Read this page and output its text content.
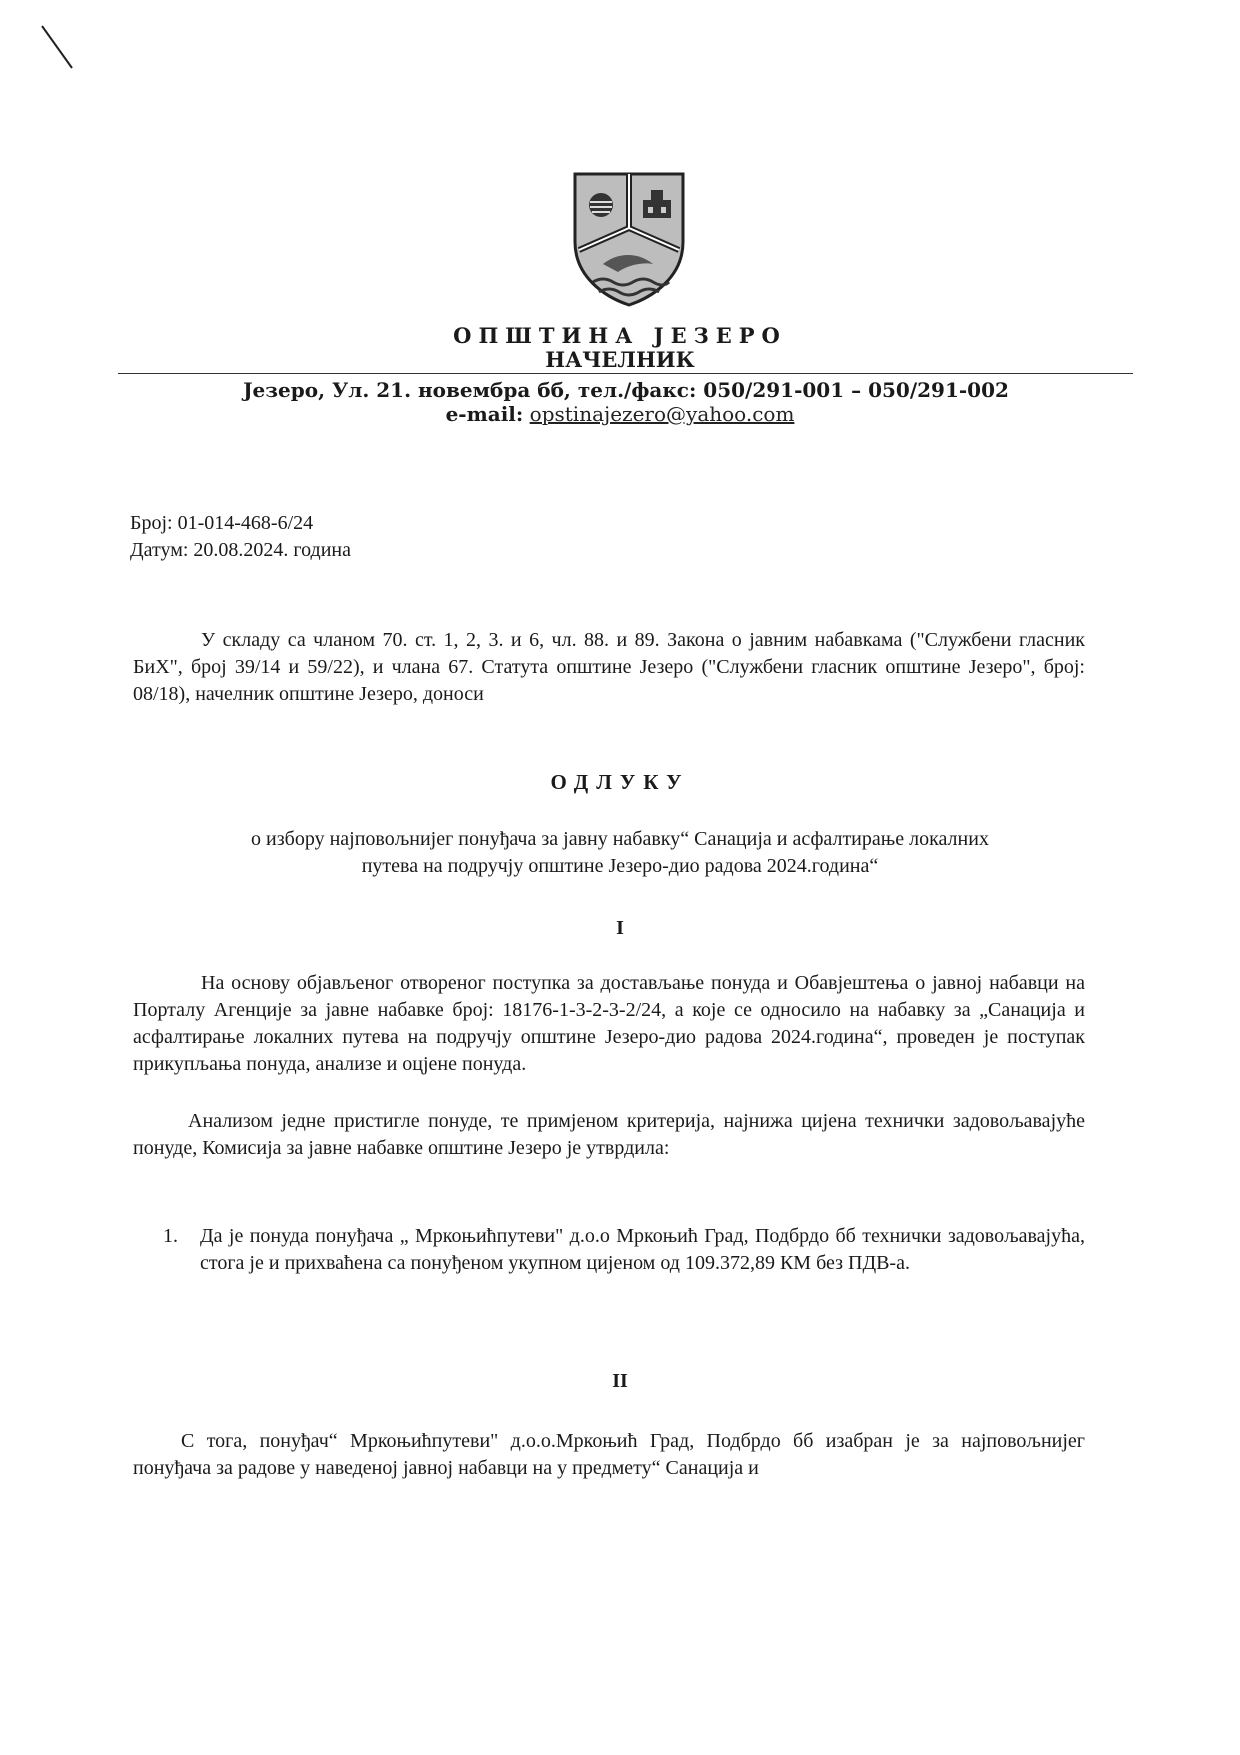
ОПШТИНА ЈЕЗЕРО
НАЧЕЛНИК
Језеро, Ул. 21. новембра бб, тел./факс: 050/291-001 – 050/291-002
e-mail: opstinajezero@yahoo.com
Број: 01-014-468-6/24
Датум: 20.08.2024. година

У складу са чланом 70. ст. 1, 2, 3. и 6, чл. 88. и 89. Закона о јавним набавкама ("Службени гласник БиХ", број 39/14 и 59/22), и члана 67. Статута општине Језеро ("Службени гласник општине Језеро", број: 08/18), начелник општине Језеро, доноси

ОДЛУКУ
о избору најповољнијег понуђача за јавну набавку“ Санација и асфалтирање локалних
путева на подручју општине Језеро-дио радова 2024.година“
I

На основу објављеног отвореног поступка за достављање понуда и Обавјештења о јавној набавци на Порталу Агенције за јавне набавке број: 18176-1-3-2-3-2/24, а које се односило на набавку за „Санација и асфалтирање локалних путева на подручју општине Језеро-дио радова 2024.година“, проведен је поступак прикупљања понуда, анализе и оцјене понуда.

Анализом једне пристигле понуде, те примјеном критерија, најнижа цијена технички задовољавајуће понуде, Комисија за јавне набавке општине Језеро је утврдила:

1. Да је понуда понуђача „ Мркоњићпутеви" д.о.о Мркоњић Град, Подбрдо бб технички задовољавајућа, стога је и прихваћена са понуђеном укупном цијеном од 109.372,89 КМ без ПДВ-а.
II

С тога, понуђач“ Мркоњићпутеви" д.о.о.Мркоњић Град, Подбрдо бб изабран је за најповољнијег понуђача за радове у наведеној јавној набавци на у предмету“ Санација и
